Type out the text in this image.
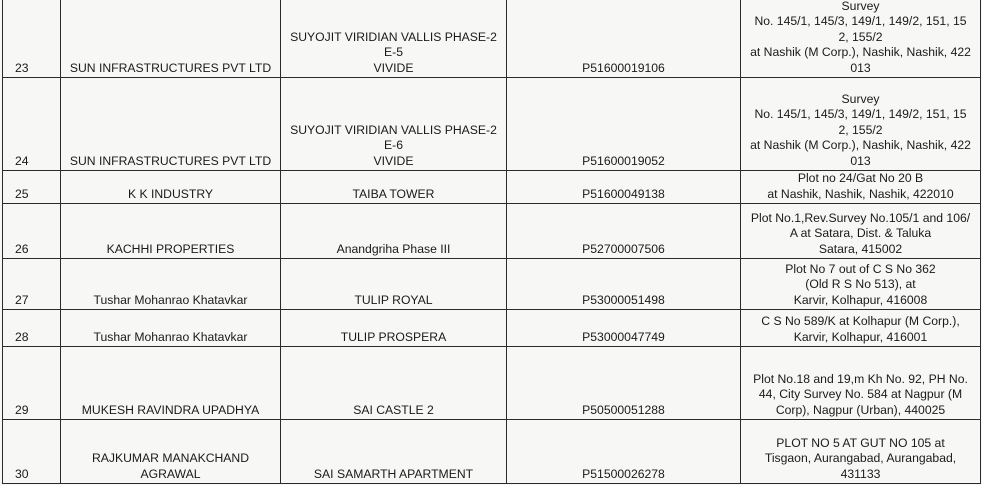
23	SUN INFRASTRUCTURES PVT LTD	SUYOJIT VIRIDIAN VALLIS PHASE-2 E-5
VIVIDE	P51600019106	Survey
No. 145/1, 145/3, 149/1, 149/2, 151, 15
2, 155/2
at Nashik (M Corp.), Nashik, Nashik, 422
013
24	SUN INFRASTRUCTURES PVT LTD	SUYOJIT VIRIDIAN VALLIS PHASE-2 E-6
VIVIDE	P51600019052	Survey
No. 145/1, 145/3, 149/1, 149/2, 151, 15
2, 155/2
at Nashik (M Corp.), Nashik, Nashik, 422
013
25	K K INDUSTRY	TAIBA TOWER	P51600049138	Plot no 24/Gat No 20 B
at Nashik, Nashik, Nashik, 422010
26	KACHHI PROPERTIES	Anandgriha Phase III	P52700007506	Plot No.1,Rev.Survey No.105/1 and 106/
A at Satara, Dist. & Taluka
Satara, 415002
27	Tushar Mohanrao Khatavkar	TULIP ROYAL	P53000051498	Plot No 7 out of C S No 362
(Old R S No 513), at
Karvir, Kolhapur, 416008
28	Tushar Mohanrao Khatavkar	TULIP PROSPERA	P53000047749	C S No 589/K at Kolhapur (M Corp.),
Karvir, Kolhapur, 416001
29	MUKESH RAVINDRA UPADHYA	SAI CASTLE 2	P50500051288	Plot No.18 and 19,m Kh No. 92, PH No.
44, City Survey No. 584 at Nagpur (M
Corp), Nagpur (Urban), 440025
30	RAJKUMAR MANAKCHAND AGRAWAL	SAI SAMARTH APARTMENT	P51500026278	PLOT NO 5 AT GUT NO 105 at
Tisgaon, Aurangabad, Aurangabad,
431133
